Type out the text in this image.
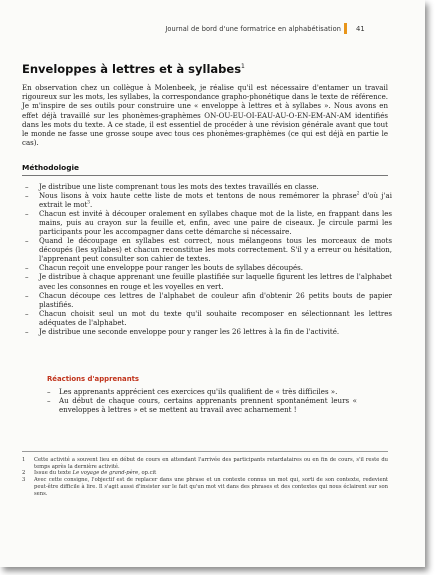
Journal de bord d'une formatrice en alphabétisation 41
Enveloppes à lettres et à syllabes$^1$

En observation chez un collègue à Molenbeek, je réalise qu'il est nécessaire d'entamer un travail rigoureux sur les mots, les syllabes, la correspondance grapho-phonétique dans le texte de référence. Je m'inspire de ses outils pour construire une « enveloppe à lettres et à syllabes ». Nous avons en effet déjà travaillé sur les phonèmes-graphèmes ON-OU-EU-OI-EAU-AU-O-EN-EM-AN-AM identifiés dans les mots du texte. A ce stade, il est essentiel de procéder à une révision générale avant que tout le monde ne fasse une grosse soupe avec tous ces phonèmes-graphèmes (ce qui est déjà en partie le cas).

Méthodologie
– Je distribue une liste comprenant tous les mots des textes travaillés en classe.
– Nous lisons à voix haute cette liste de mots et tentons de nous remémorer la phrase$^2$ d'où j'ai extrait le mot$^3$.
– Chacun est invité à découper oralement en syllabes chaque mot de la liste, en frappant dans les mains, puis au crayon sur la feuille et, enfin, avec une paire de ciseaux. Je circule parmi les participants pour les accompagner dans cette démarche si nécessaire.
– Quand le découpage en syllabes est correct, nous mélangeons tous les morceaux de mots découpés (les syllabes) et chacun reconstitue les mots correctement. S'il y a erreur ou hésitation, l'apprenant peut consulter son cahier de textes.
– Chacun reçoit une enveloppe pour ranger les bouts de syllabes découpés.
– Je distribue à chaque apprenant une feuille plastifiée sur laquelle figurent les lettres de l'alphabet avec les consonnes en rouge et les voyelles en vert.
– Chacun découpe ces lettres de l'alphabet de couleur afin d'obtenir 26 petits bouts de papier plastifiés.
– Chacun choisit seul un mot du texte qu'il souhaite recomposer en sélectionnant les lettres adéquates de l'alphabet.
– Je distribue une seconde enveloppe pour y ranger les 26 lettres à la fin de l'activité.
Réactions d'apprenants
– Les apprenants apprécient ces exercices qu'ils qualifient de « très difficiles ».
– Au début de chaque cours, certains apprenants prennent spontanément leurs « enveloppes à lettres » et se mettent au travail avec acharnement !
1 Cette activité a souvent lieu en début de cours en attendant l'arrivée des participants retardataires ou en fin de cours, s'il reste du temps après la dernière activité.
2 Issue du texte Le voyage de grand-père, op.cit
3 Avec cette consigne, l'objectif est de replacer dans une phrase et un contexte connus un mot qui, sorti de son contexte, redevient peut-être difficile à lire. Il s'agit aussi d'insister sur le fait qu'un mot vit dans des phrases et des contextes qui nous éclairent sur son sens.
